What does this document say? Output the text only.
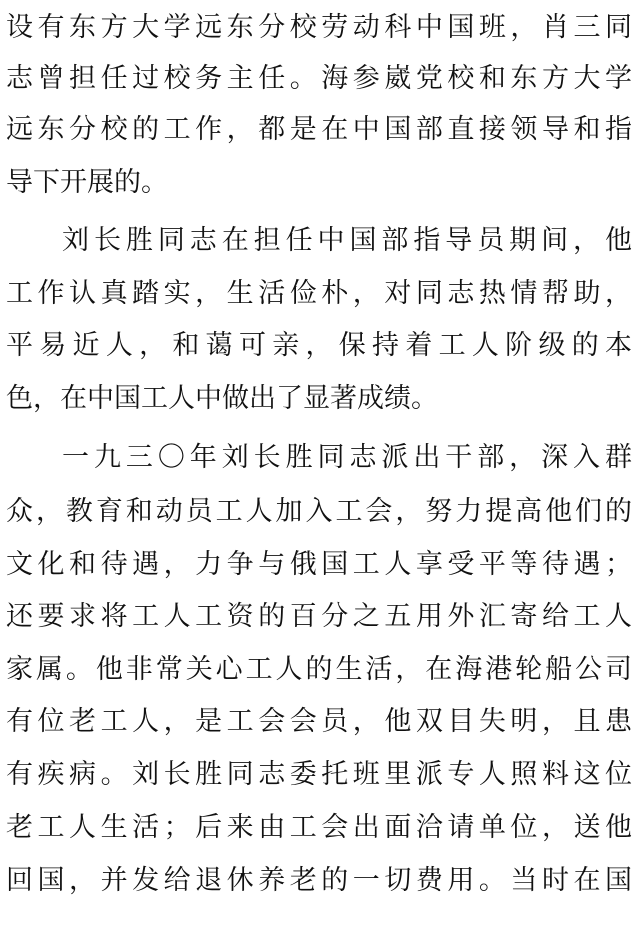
设有东方大学远东分校劳动科中国班，肖三同
志曾担任过校务主任。海参崴党校和东方大学
远东分校的工作，都是在中国部直接领导和指
导下开展的。
刘长胜同志在担任中国部指导员期间，他
工作认真踏实，生活俭朴，对同志热情帮助，
平易近人，和蔼可亲，保持着工人阶级的本
色，在中国工人中做出了显著成绩。
一九三〇年刘长胜同志派出干部，深入群
众，教育和动员工人加入工会，努力提高他们的
文化和待遇，力争与俄国工人享受平等待遇；
还要求将工人工资的百分之五用外汇寄给工人
家属。他非常关心工人的生活，在海港轮船公司
有位老工人，是工会会员，他双目失明，且患
有疾病。刘长胜同志委托班里派专人照料这位
老工人生活；后来由工会出面洽请单位，送他
回国，并发给退休养老的一切费用。当时在国
